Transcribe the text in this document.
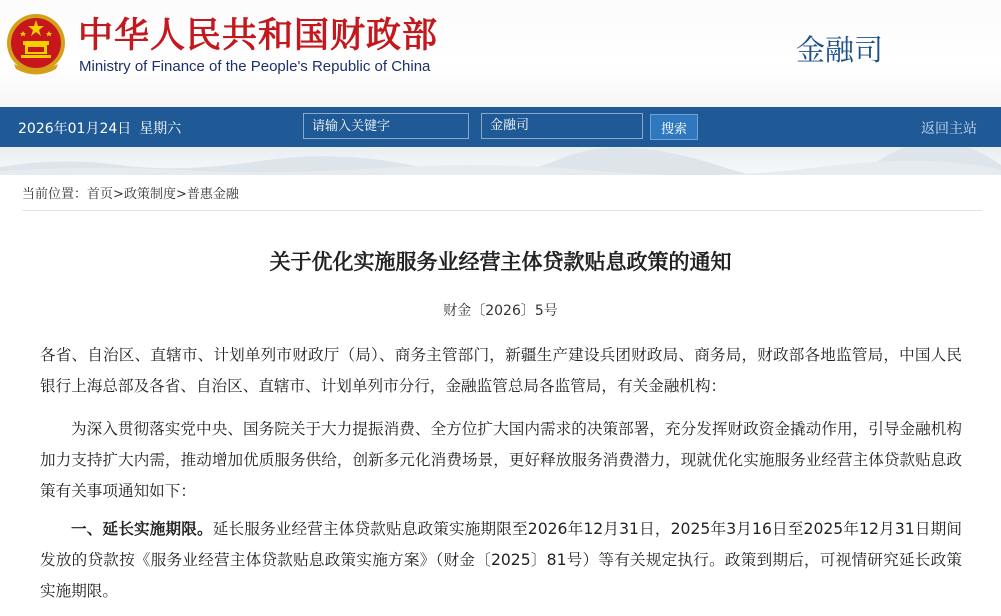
中华人民共和国财政部
Ministry of Finance of the People's Republic of China	金融司
2026年01月24日 星期六
请输入关键字	金融司	搜索	返回主站
当前位置：首页>政策制度>普惠金融
关于优化实施服务业经营主体贷款贴息政策的通知
财金〔2026〕5号

各省、自治区、直辖市、计划单列市财政厅（局）、商务主管部门，新疆生产建设兵团财政局、商务局，财政部各地监管局，中国人民银行上海总部及各省、自治区、直辖市、计划单列市分行，金融监管总局各监管局，有关金融机构：

为深入贯彻落实党中央、国务院关于大力提振消费、全方位扩大国内需求的决策部署，充分发挥财政资金撬动作用，引导金融机构加力支持扩大内需，推动增加优质服务供给，创新多元化消费场景，更好释放服务消费潜力，现就优化实施服务业经营主体贷款贴息政策有关事项通知如下：

一、延长实施期限。延长服务业经营主体贷款贴息政策实施期限至2026年12月31日，2025年3月16日至2025年12月31日期间发放的贷款按《服务业经营主体贷款贴息政策实施方案》（财金〔2025〕81号）等有关规定执行。政策到期后，可视情研究延长政策实施期限。
